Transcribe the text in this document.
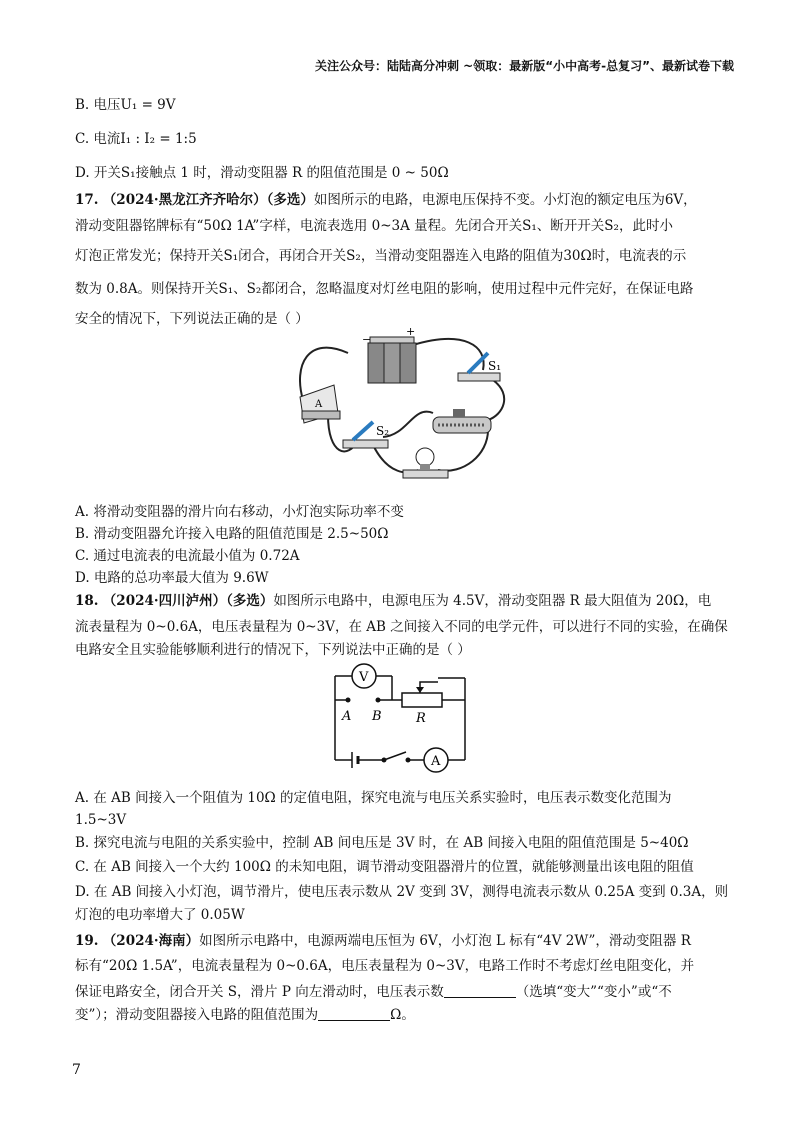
关注公众号：陆陆高分冲刺 ~领取：最新版“小中高考-总复习”、最新试卷下载
B. 电压U₁ = 9V
C. 电流I₁ : I₂ = 1:5
D. 开关S₁接触点 1 时，滑动变阻器 R 的阻值范围是 0 ~ 50Ω
17. （2024·黑龙江齐齐哈尔）（多选）如图所示的电路，电源电压保持不变。小灯泡的额定电压为6V，
滑动变阻器铭牌标有“50Ω 1A”字样，电流表选用 0~3A 量程。先闭合开关S₁、断开开关S₂，此时小
灯泡正常发光；保持开关S₁闭合，再闭合开关S₂，当滑动变阻器连入电路的阻值为30Ω时，电流表的示
数为 0.8A。则保持开关S₁、S₂都闭合，忽略温度对灯丝电阻的影响，使用过程中元件完好，在保证电路
安全的情况下，下列说法正确的是（ ）
−
+
A
S₁
S₂
A. 将滑动变阻器的滑片向右移动，小灯泡实际功率不变
B. 滑动变阻器允许接入电路的阻值范围是 2.5~50Ω
C. 通过电流表的电流最小值为 0.72A
D. 电路的总功率最大值为 9.6W
18. （2024·四川泸州）（多选）如图所示电路中，电源电压为 4.5V，滑动变阻器 R 最大阻值为 20Ω，电
流表量程为 0~0.6A，电压表量程为 0~3V，在 AB 之间接入不同的电学元件，可以进行不同的实验，在确保
电路安全且实验能够顺利进行的情况下，下列说法中正确的是（ ）
V
A B	R
A
A. 在 AB 间接入一个阻值为 10Ω 的定值电阻，探究电流与电压关系实验时，电压表示数变化范围为
1.5~3V
B. 探究电流与电阻的关系实验中，控制 AB 间电压是 3V 时，在 AB 间接入电阻的阻值范围是 5~40Ω
C. 在 AB 间接入一个大约 100Ω 的未知电阻，调节滑动变阻器滑片的位置，就能够测量出该电阻的阻值
D. 在 AB 间接入小灯泡，调节滑片，使电压表示数从 2V 变到 3V，测得电流表示数从 0.25A 变到 0.3A，则
灯泡的电功率增大了 0.05W
19. （2024·海南）如图所示电路中，电源两端电压恒为 6V，小灯泡 L 标有“4V 2W”，滑动变阻器 R
标有“20Ω 1.5A”，电流表量程为 0~0.6A，电压表量程为 0~3V，电路工作时不考虑灯丝电阻变化，并
保证电路安全，闭合开关 S，滑片 P 向左滑动时，电压表示数	（选填“变大”“变小”或“不
变”）；滑动变阻器接入电路的阻值范围为	Ω。
7
